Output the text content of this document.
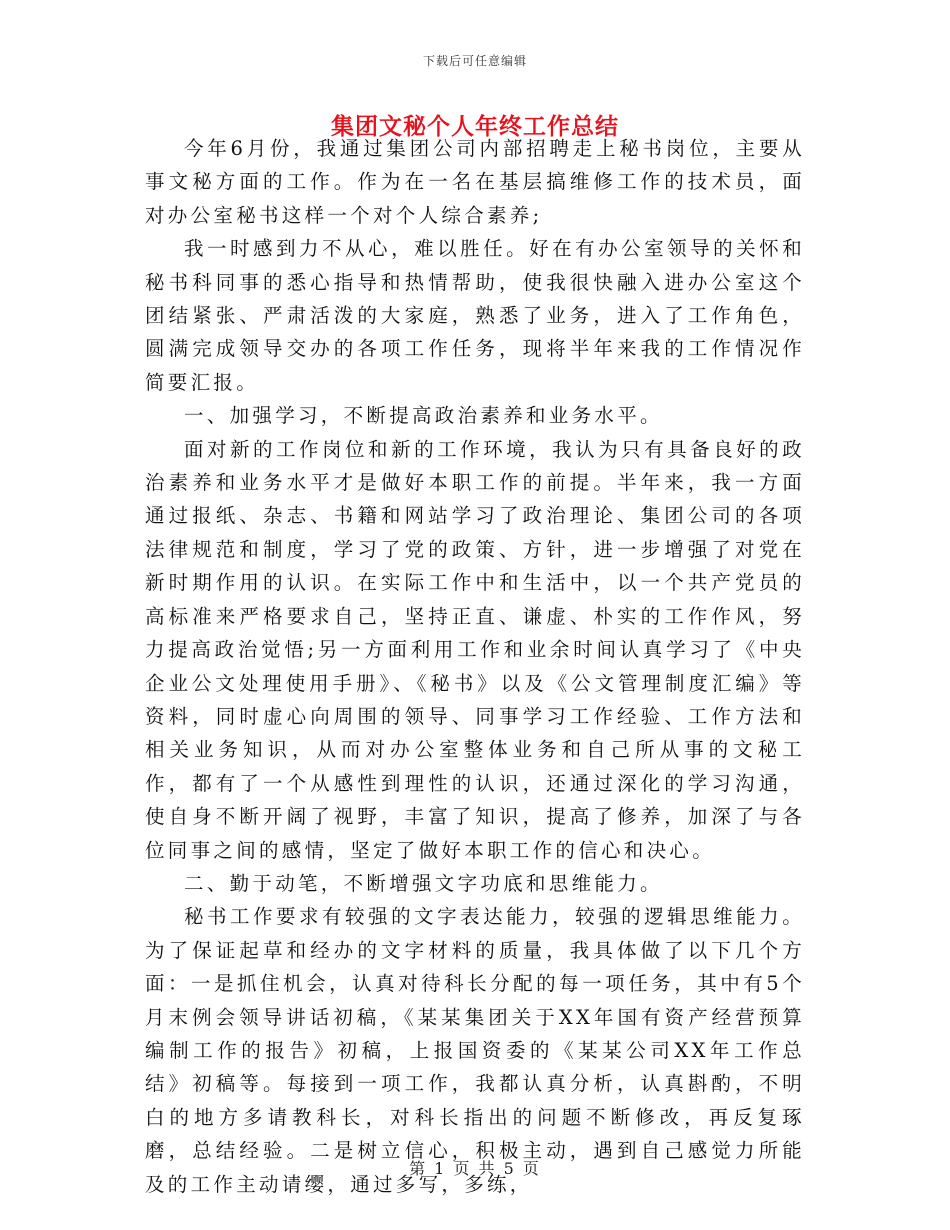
下载后可任意编辑
集团文秘个人年终工作总结

今年6月份，我通过集团公司内部招聘走上秘书岗位，主要从事文秘方面的工作。作为在一名在基层搞维修工作的技术员，面对办公室秘书这样一个对个人综合素养;

我一时感到力不从心，难以胜任。好在有办公室领导的关怀和秘书科同事的悉心指导和热情帮助，使我很快融入进办公室这个团结紧张、严肃活泼的大家庭，熟悉了业务，进入了工作角色，圆满完成领导交办的各项工作任务，现将半年来我的工作情况作简要汇报。

一、加强学习，不断提高政治素养和业务水平。

面对新的工作岗位和新的工作环境，我认为只有具备良好的政治素养和业务水平才是做好本职工作的前提。半年来，我一方面通过报纸、杂志、书籍和网站学习了政治理论、集团公司的各项法律规范和制度，学习了党的政策、方针，进一步增强了对党在新时期作用的认识。在实际工作中和生活中，以一个共产党员的高标准来严格要求自己，坚持正直、谦虚、朴实的工作作风，努力提高政治觉悟;另一方面利用工作和业余时间认真学习了《中央企业公文处理使用手册》、《秘书》以及《公文管理制度汇编》等资料，同时虚心向周围的领导、同事学习工作经验、工作方法和相关业务知识，从而对办公室整体业务和自己所从事的文秘工作，都有了一个从感性到理性的认识，还通过深化的学习沟通，使自身不断开阔了视野，丰富了知识，提高了修养，加深了与各位同事之间的感情，坚定了做好本职工作的信心和决心。

二、勤于动笔，不断增强文字功底和思维能力。

秘书工作要求有较强的文字表达能力，较强的逻辑思维能力。为了保证起草和经办的文字材料的质量，我具体做了以下几个方面：一是抓住机会，认真对待科长分配的每一项任务，其中有5个月末例会领导讲话初稿，《某某集团关于XX年国有资产经营预算编制工作的报告》初稿，上报国资委的《某某公司XX年工作总结》初稿等。每接到一项工作，我都认真分析，认真斟酌，不明白的地方多请教科长，对科长指出的问题不断修改，再反复琢磨，总结经验。二是树立信心，积极主动，遇到自己感觉力所能及的工作主动请缨，通过多写，多练，

第 1 页 共 5 页
